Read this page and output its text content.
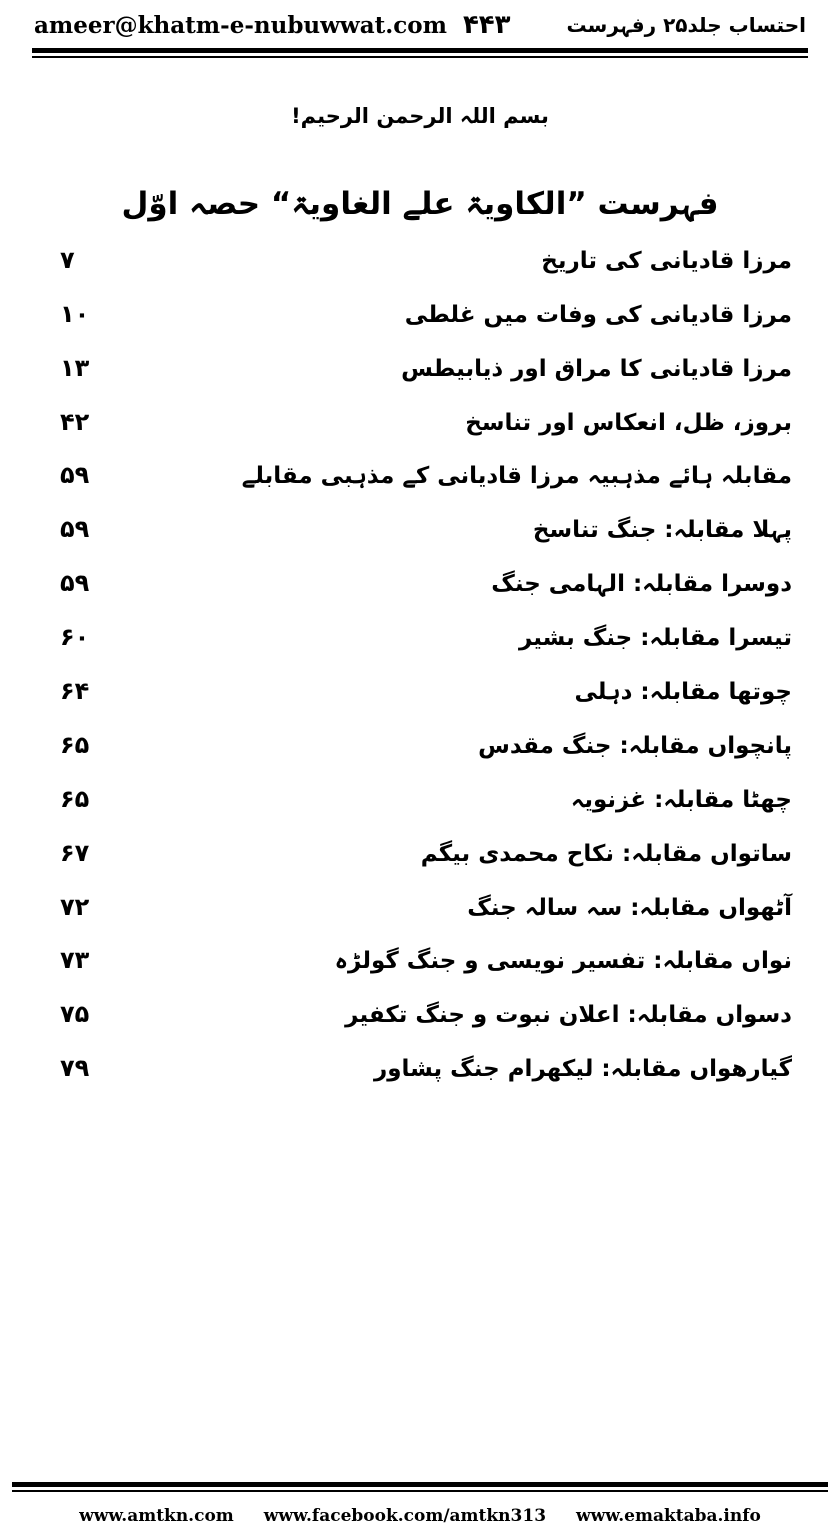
احتساب جلد۲۵ رفہرست
ameer@khatm-e-nubuwwat.com ۴۴۳
بسم اللہ الرحمن الرحیم!
فہرست ”الکاویۃ علے الغاویۃ“ حصہ اوّل
مرزا قادیانی کی تاریخ
۷
مرزا قادیانی کی وفات میں غلطی
۱۰
مرزا قادیانی کا مراق اور ذیابیطس
۱۳
بروز، ظل، انعکاس اور تناسخ
۴۲
مقابلہ ہائے مذہبیہ مرزا قادیانی کے مذہبی مقابلے
۵۹
پہلا مقابلہ: جنگ تناسخ
۵۹
دوسرا مقابلہ: الہامی جنگ
۵۹
تیسرا مقابلہ: جنگ بشیر
۶۰
چوتھا مقابلہ: دہلی
۶۴
پانچواں مقابلہ: جنگ مقدس
۶۵
چھٹا مقابلہ: غزنویہ
۶۵
ساتواں مقابلہ: نکاح محمدی بیگم
۶۷
آٹھواں مقابلہ: سہ سالہ جنگ
۷۲
نواں مقابلہ: تفسیر نویسی و جنگ گولڑہ
۷۳
دسواں مقابلہ: اعلان نبوت و جنگ تکفیر
۷۵
گیارھواں مقابلہ: لیکھرام جنگ پشاور
۷۹
www.amtkn.com www.facebook.com/amtkn313 www.emaktaba.info
